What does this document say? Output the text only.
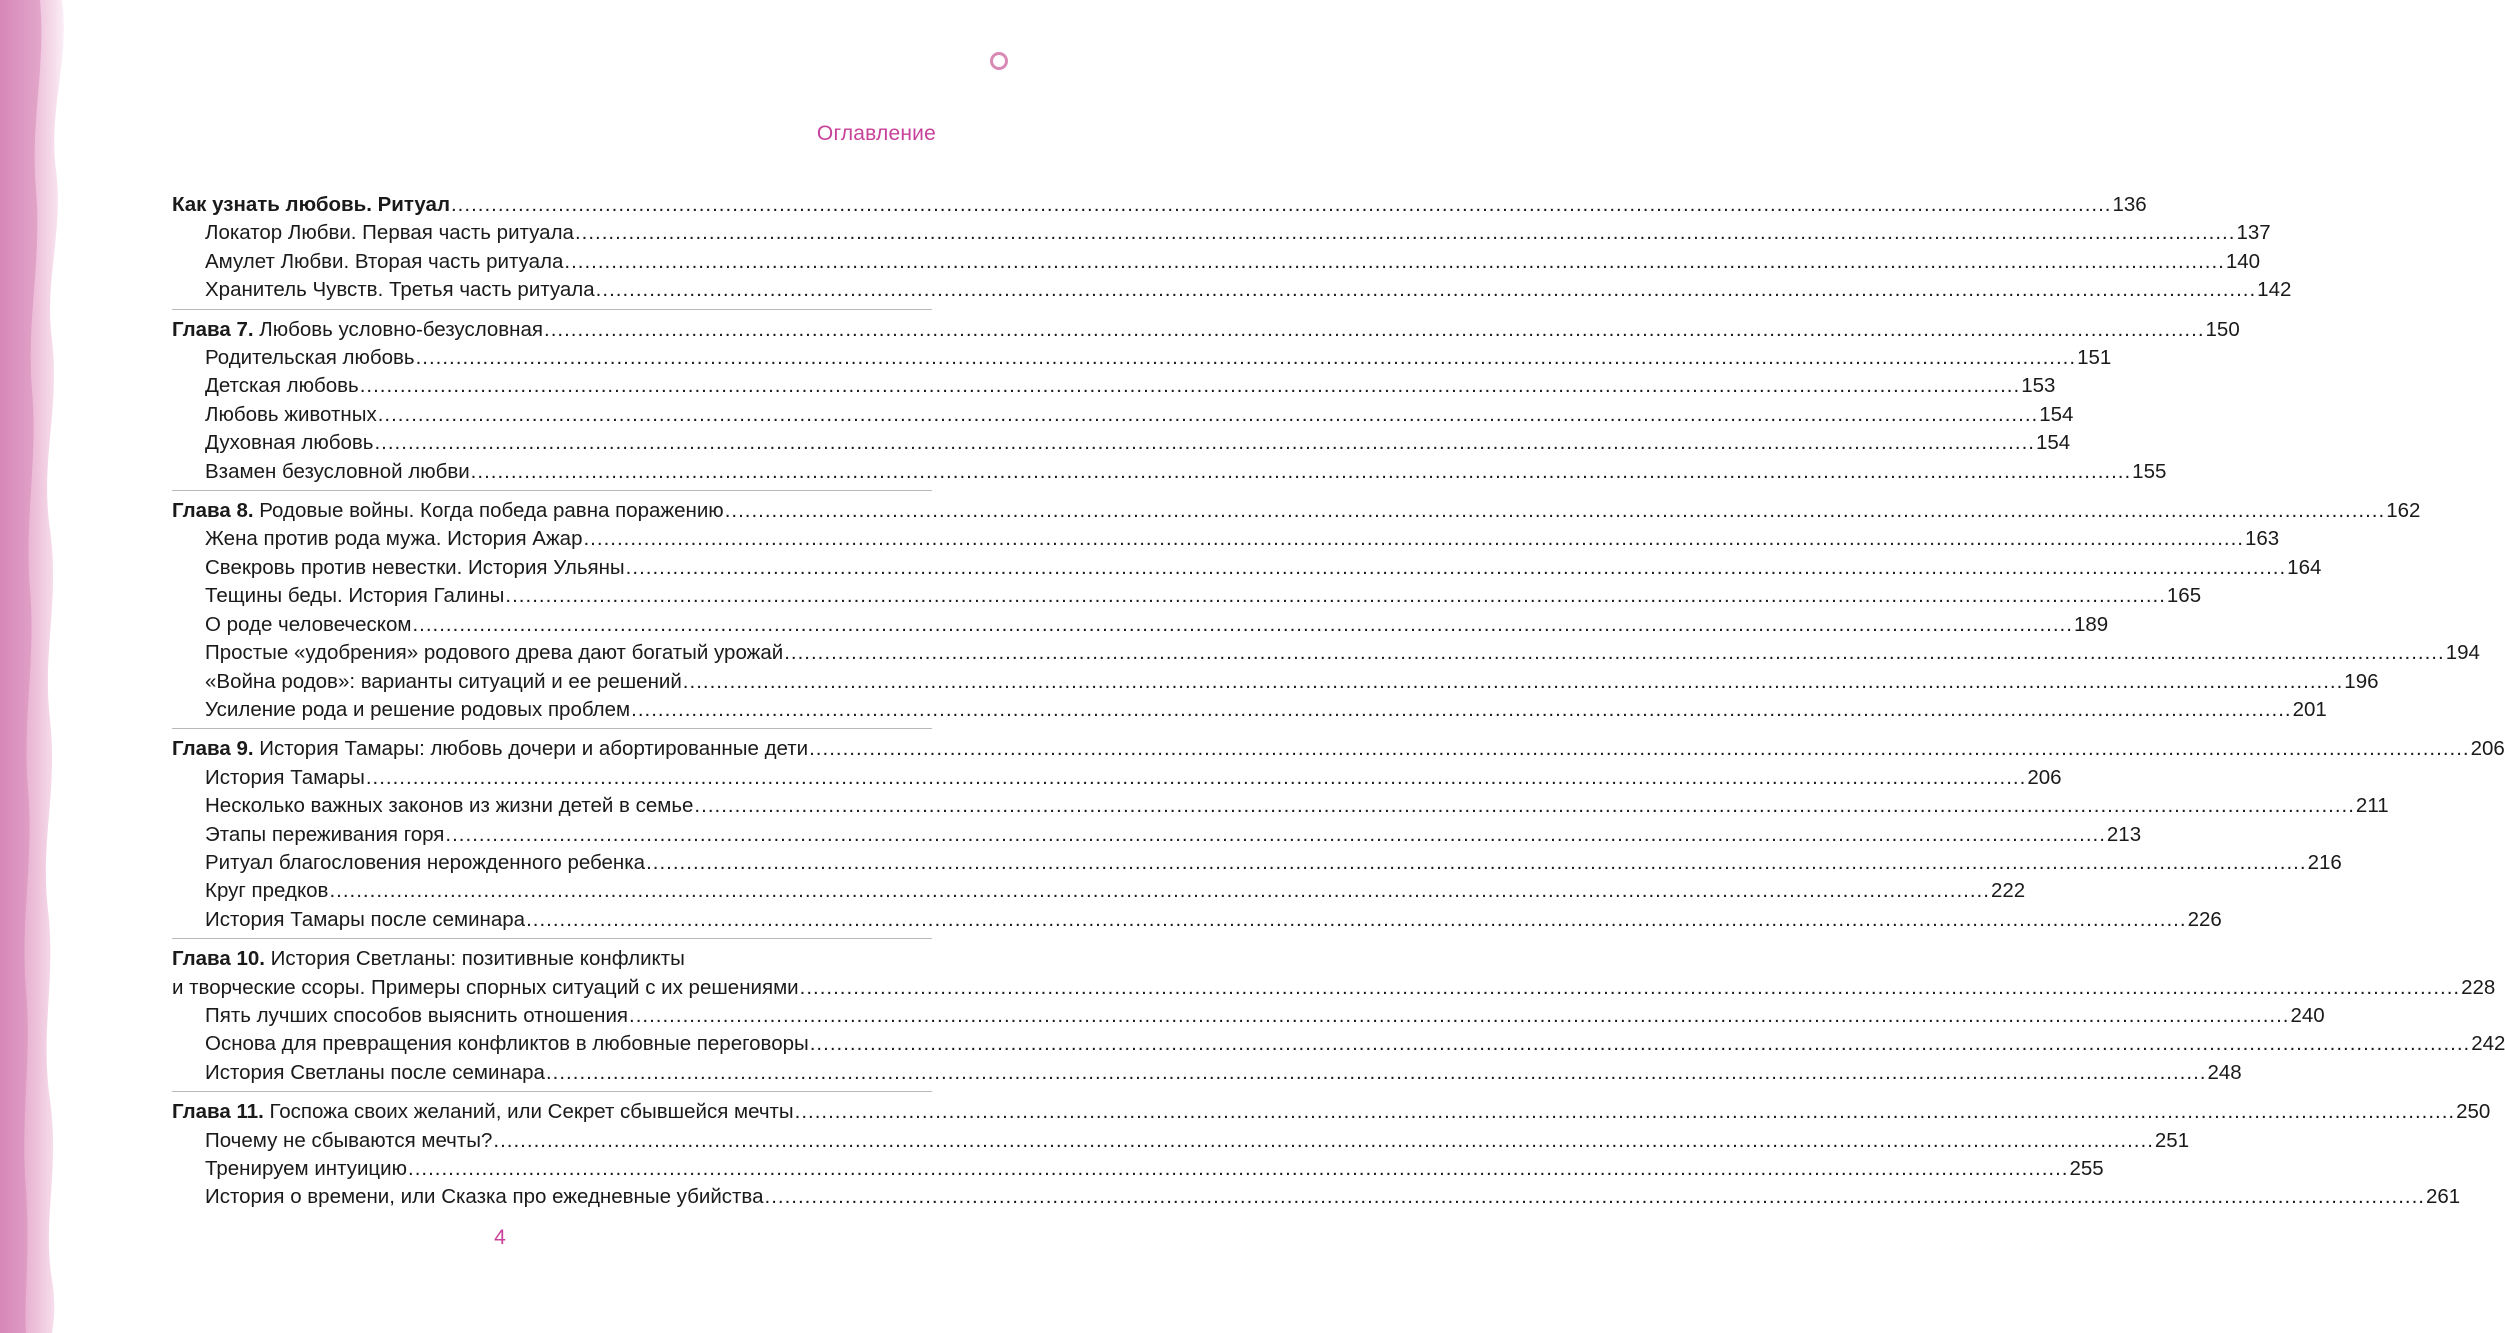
Оглавление
Как узнать любовь. Ритуал .....	136
Локатор Любви. Первая часть ритуала .....	137
Амулет Любви. Вторая часть ритуала .....	140
Хранитель Чувств. Третья часть ритуала .....	142
Глава 7. Любовь условно-безусловная .....	150
Родительская любовь .....	151
Детская любовь .....	153
Любовь животных .....	154
Духовная любовь .....	154
Взамен безусловной любви .....	155
Глава 8. Родовые войны. Когда победа равна поражению .....	162
Жена против рода мужа. История Ажар .....	163
Свекровь против невестки. История Ульяны .....	164
Тещины беды. История Галины .....	165
О роде человеческом .....	189
Простые «удобрения» родового древа дают богатый урожай .....	194
«Война родов»: варианты ситуаций и ее решений .....	196
Усиление рода и решение родовых проблем .....	201
Глава 9. История Тамары: любовь дочери и абортированные дети .....	206
История Тамары .....	206
Несколько важных законов из жизни детей в семье .....	211
Этапы переживания горя .....	213
Ритуал благословения нерожденного ребенка .....	216
Круг предков .....	222
История Тамары после семинара .....	226
Глава 10. История Светланы: позитивные конфликты
и творческие ссоры. Примеры спорных ситуаций с их решениями .....	228
Пять лучших способов выяснить отношения .....	240
Основа для превращения конфликтов в любовные переговоры .....	242
История Светланы после семинара .....	248
Глава 11. Госпожа своих желаний, или Секрет сбывшейся мечты .....	250
Почему не сбываются мечты? .....	251
Тренируем интуицию .....	255
История о времени, или Сказка про ежедневные убийства .....	261
4
